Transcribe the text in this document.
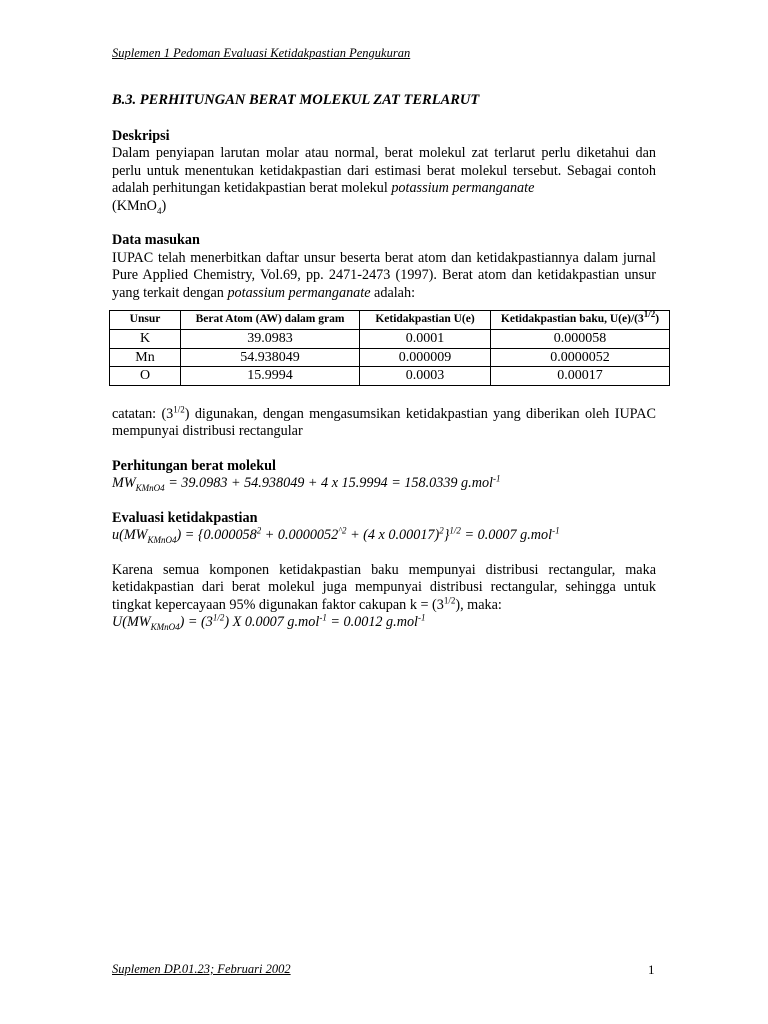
Suplemen 1 Pedoman Evaluasi Ketidakpastian Pengukuran

B.3. PERHITUNGAN BERAT MOLEKUL ZAT TERLARUT

Deskripsi

Dalam penyiapan larutan molar atau normal, berat molekul zat terlarut perlu diketahui dan perlu untuk menentukan ketidakpastian dari estimasi berat molekul tersebut. Sebagai contoh adalah perhitungan ketidakpastian berat molekul potassium permanganate
(KMnO$_4$)

Data masukan

IUPAC telah menerbitkan daftar unsur beserta berat atom dan ketidakpastiannya dalam jurnal Pure Applied Chemistry, Vol.69, pp. 2471-2473 (1997). Berat atom dan ketidakpastian unsur yang terkait dengan potassium permanganate adalah:

Unsur	Berat Atom (AW) dalam gram	Ketidakpastian U(e)	Ketidakpastian baku, $U(e)/(3^{1/2})$
K	39.0983	0.0001	0.000058
Mn	54.938049	0.000009	0.0000052
O	15.9994	0.0003	0.00017

catatan: $(3^{1/2})$ digunakan, dengan mengasumsikan ketidakpastian yang diberikan oleh IUPAC mempunyai distribusi rectangular

Perhitungan berat molekul

$MW_{KMnO4} = 39.0983 + 54.938049 + 4$ x 15.9994 = 158.0339 g.mol$^{-1}$

Evaluasi ketidakpastian

$u(MW_{KMnO4}) = \{0.000058^2 + 0.0000052^{\^{}2} + (4$ x 0.00017)$^2$}$^{1/2}$ = 0.0007 g.mol$^{-1}$

Karena semua komponen ketidakpastian baku mempunyai distribusi rectangular, maka ketidakpastian dari berat molekul juga mempunyai distribusi rectangular, sehingga untuk tingkat kepercayaan 95% digunakan faktor cakupan $k = (3^{1/2})$, maka:

$U(MW_{KMnO4}) = (3^{1/2})$ X 0.0007 g.mol$^{-1}$ = 0.0012 g.mol$^{-1}$

Suplemen DP.01.23; Februari 2002	1
